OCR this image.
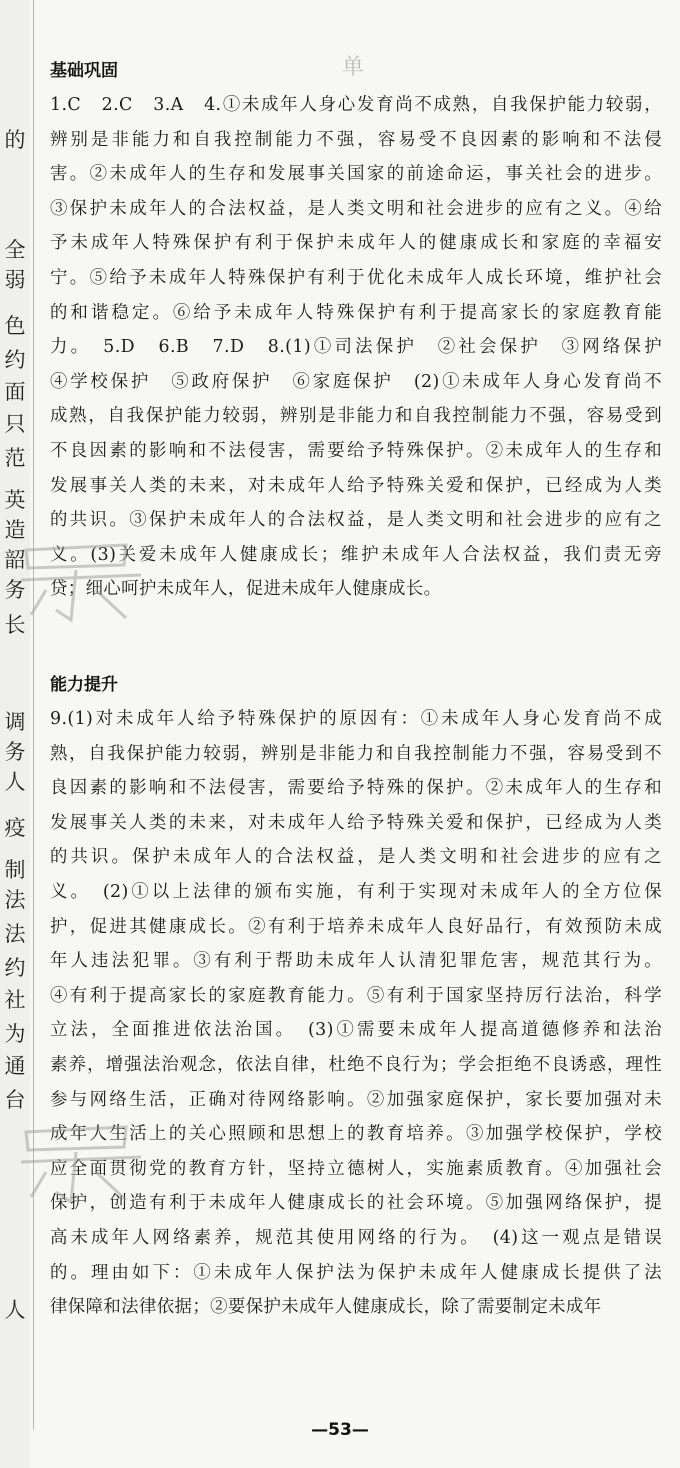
的
全
弱
色
约
面
只
范
英
造
韶
务
长
调
务
人
疫
制
法
法
约
社
为
通
台
人
单
基础巩固
1.C　2.C　3.A　4.①未成年人身心发育尚不成熟，自我保护能力较弱，
辨别是非能力和自我控制能力不强，容易受不良因素的影响和不法侵
害。②未成年人的生存和发展事关国家的前途命运，事关社会的进步。
③保护未成年人的合法权益，是人类文明和社会进步的应有之义。④给
予未成年人特殊保护有利于保护未成年人的健康成长和家庭的幸福安
宁。⑤给予未成年人特殊保护有利于优化未成年人成长环境，维护社会
的和谐稳定。⑥给予未成年人特殊保护有利于提高家长的家庭教育能
力。　5.D　6.B　7.D　8.(1)①司法保护　②社会保护　③网络保护
④学校保护　⑤政府保护　⑥家庭保护　(2)①未成年人身心发育尚不
成熟，自我保护能力较弱，辨别是非能力和自我控制能力不强，容易受到
不良因素的影响和不法侵害，需要给予特殊保护。②未成年人的生存和
发展事关人类的未来，对未成年人给予特殊关爱和保护，已经成为人类
的共识。③保护未成年人的合法权益，是人类文明和社会进步的应有之
义。(3)关爱未成年人健康成长；维护未成年人合法权益，我们责无旁
贷；细心呵护未成年人，促进未成年人健康成长。
能力提升
9.(1)对未成年人给予特殊保护的原因有：①未成年人身心发育尚不成
熟，自我保护能力较弱，辨别是非能力和自我控制能力不强，容易受到不
良因素的影响和不法侵害，需要给予特殊的保护。②未成年人的生存和
发展事关人类的未来，对未成年人给予特殊关爱和保护，已经成为人类
的共识。保护未成年人的合法权益，是人类文明和社会进步的应有之
义。　(2)①以上法律的颁布实施，有利于实现对未成年人的全方位保
护，促进其健康成长。②有利于培养未成年人良好品行，有效预防未成
年人违法犯罪。③有利于帮助未成年人认清犯罪危害，规范其行为。
④有利于提高家长的家庭教育能力。⑤有利于国家坚持厉行法治，科学
立法，全面推进依法治国。　(3)①需要未成年人提高道德修养和法治
素养，增强法治观念，依法自律，杜绝不良行为；学会拒绝不良诱惑，理性
参与网络生活，正确对待网络影响。②加强家庭保护，家长要加强对未
成年人生活上的关心照顾和思想上的教育培养。③加强学校保护，学校
应全面贯彻党的教育方针，坚持立德树人，实施素质教育。④加强社会
保护，创造有利于未成年人健康成长的社会环境。⑤加强网络保护，提
高未成年人网络素养，规范其使用网络的行为。　(4)这一观点是错误
的。理由如下：①未成年人保护法为保护未成年人健康成长提供了法
律保障和法律依据；②要保护未成年人健康成长，除了需要制定未成年
—53—
